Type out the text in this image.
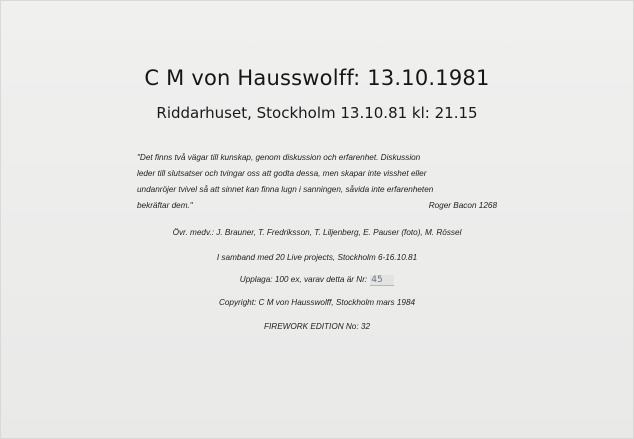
C M von Hausswolff: 13.10.1981
Riddarhuset, Stockholm 13.10.81 kl: 21.15
"Det finns två vägar till kunskap, genom diskussion och erfarenhet. Diskussion
leder till slutsatser och tvingar oss att godta dessa, men skapar inte visshet eller
undanröjer tvivel så att sinnet kan finna lugn i sanningen, såvida inte erfarenheten
bekräftar dem."	Roger Bacon 1268
Övr. medv.: J. Brauner, T. Fredriksson, T. Liljenberg, E. Pauser (foto), M. Rössel
I samband med 20 Live projects, Stockholm 6-16.10.81
Upplaga: 100 ex, varav detta är Nr: 45
Copyright: C M von Hausswolff, Stockholm mars 1984
FIREWORK EDITION No: 32
